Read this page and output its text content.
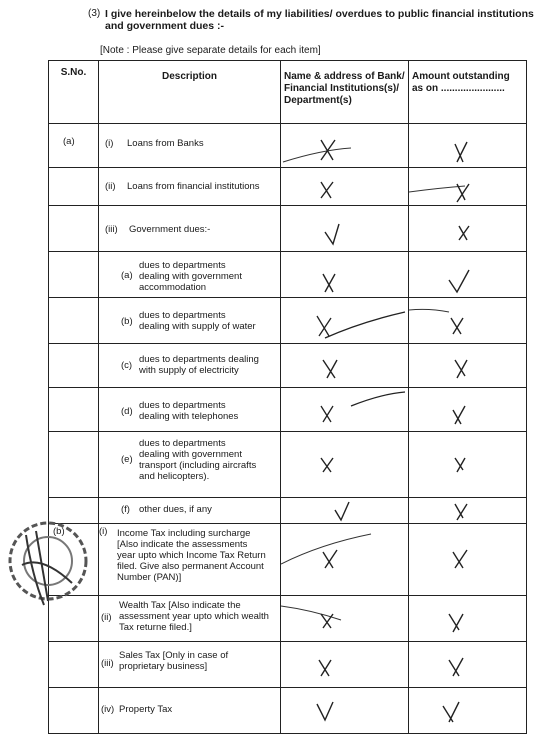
(3) I give hereinbelow the details of my liabilities/ overdues to public financial institutions and government dues :-
[Note : Please give separate details for each item]
S.No.	Description	Name & address of Bank/ Financial Institutions(s)/ Department(s)	Amount outstanding as on .......................

(a)	(i) Loans from Banks

	(ii) Loans from financial institutions

	(iii) Government dues:-

	(a)
dues to departments dealing with government accommodation

	(b)
dues to departments dealing with supply of water

	(c)
dues to departments dealing with supply of electricity

	(d)
dues to departments dealing with telephones

	(e)
dues to departments dealing with government transport (including aircrafts and helicopters).

	(f) other dues, if any

(b)	(i) Income Tax including surcharge [Also indicate the assessments year upto which Income Tax Return filed. Give also permanent Account Number (PAN)]

	(ii)
Wealth Tax [Also indicate the assessment year upto which wealth Tax returne filed.]

	(iii)
Sales Tax [Only in case of proprietary business]

	(iv) Property Tax
